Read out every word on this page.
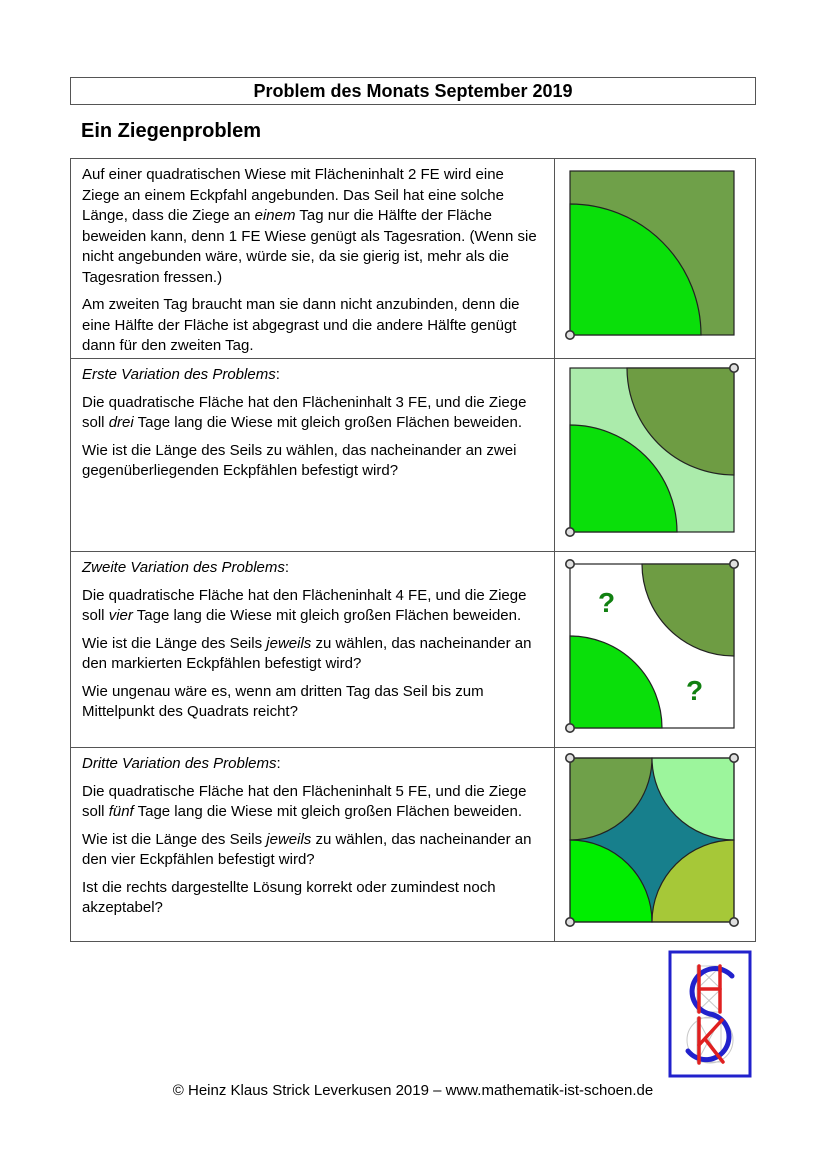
Problem des Monats September 2019
Ein Ziegenproblem

Auf einer quadratischen Wiese mit Flächeninhalt 2 FE wird eine Ziege an einem Eckpfahl angebunden. Das Seil hat eine solche Länge, dass die Ziege an einem Tag nur die Hälfte der Fläche beweiden kann, denn 1 FE Wiese genügt als Tagesration. (Wenn sie nicht angebunden wäre, würde sie, da sie gierig ist, mehr als die Tagesration fressen.)

Am zweiten Tag braucht man sie dann nicht anzubinden, denn die eine Hälfte der Fläche ist abgegrast und die andere Hälfte genügt dann für den zweiten Tag.

Erste Variation des Problems:

Die quadratische Fläche hat den Flächeninhalt 3 FE, und die Ziege soll drei Tage lang die Wiese mit gleich großen Flächen beweiden.

Wie ist die Länge des Seils zu wählen, das nacheinander an zwei gegenüberliegenden Eckpfählen befestigt wird?

Zweite Variation des Problems:

Die quadratische Fläche hat den Flächeninhalt 4 FE, und die Ziege soll vier Tage lang die Wiese mit gleich großen Flächen beweiden.

Wie ist die Länge des Seils jeweils zu wählen, das nacheinander an den markierten Eckpfählen befestigt wird?

Wie ungenau wäre es, wenn am dritten Tag das Seil bis zum Mittelpunkt des Quadrats reicht?

?
?

Dritte Variation des Problems:

Die quadratische Fläche hat den Flächeninhalt 5 FE, und die Ziege soll fünf Tage lang die Wiese mit gleich großen Flächen beweiden.

Wie ist die Länge des Seils jeweils zu wählen, das nacheinander an den vier Eckpfählen befestigt wird?

Ist die rechts dargestellte Lösung korrekt oder zumindest noch akzeptabel?

© Heinz Klaus Strick Leverkusen 2019 – www.mathematik-ist-schoen.de
